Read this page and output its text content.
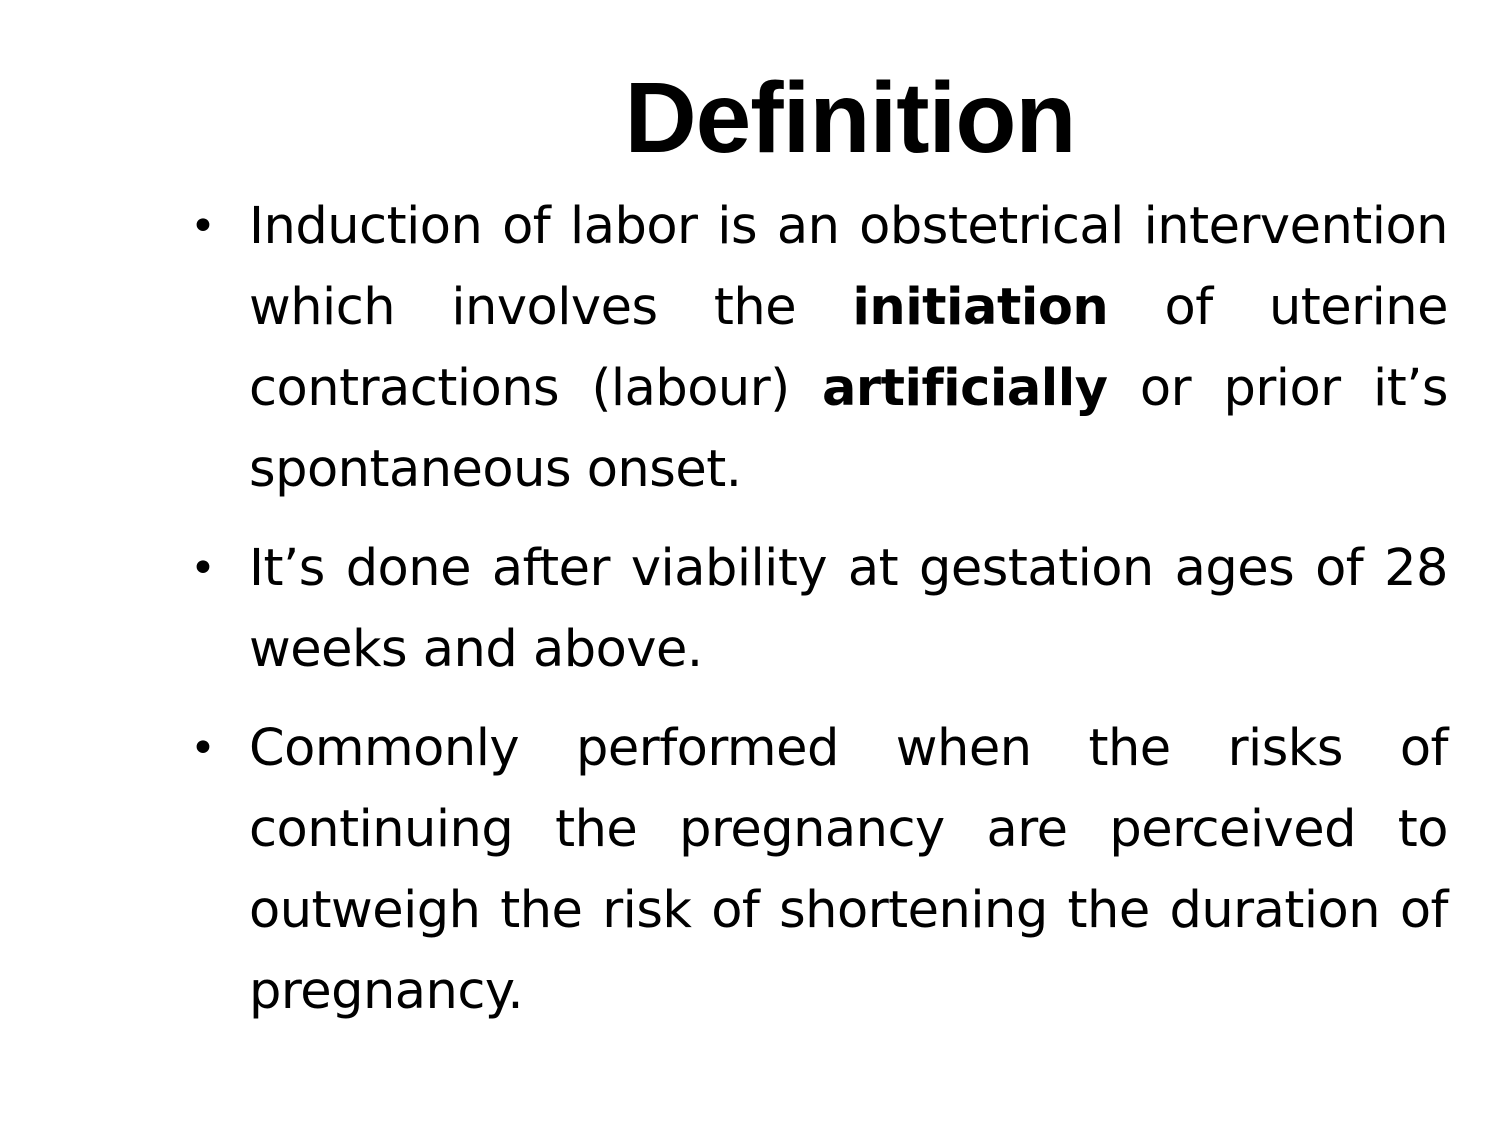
Definition
• Induction of labor is an obstetrical intervention which involves the initiation of uterine contractions (labour) artificially or prior it’s spontaneous onset.
• It’s done after viability at gestation ages of 28 weeks and above.
• Commonly performed when the risks of continuing the pregnancy are perceived to outweigh the risk of shortening the duration of pregnancy.
